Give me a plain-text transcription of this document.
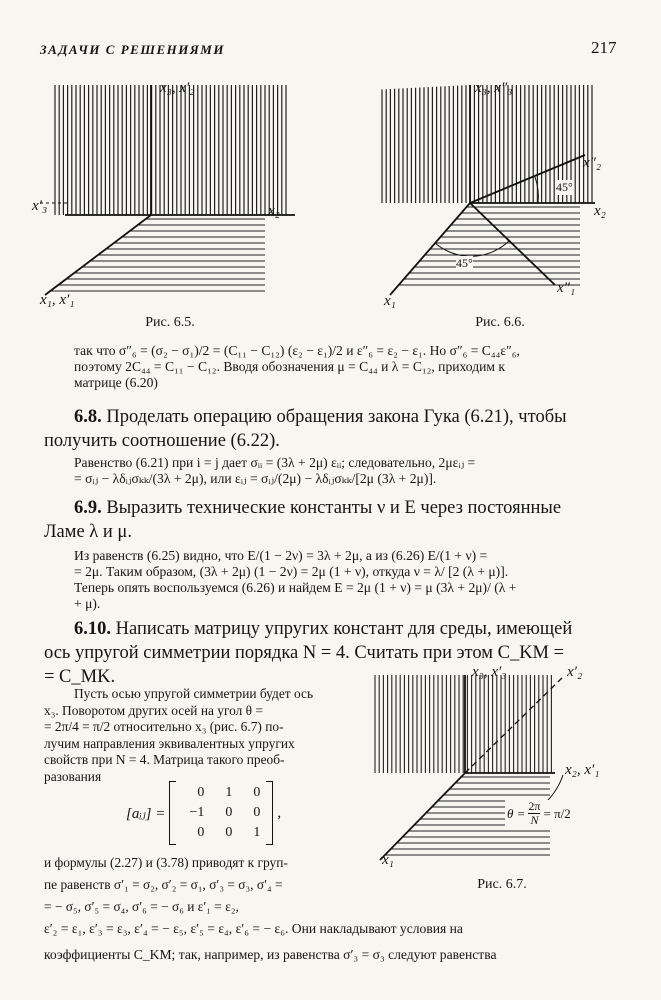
ЗАДАЧИ С РЕШЕНИЯМИ	217
x₃, x′₂
x′₃	x₂
x₁, x′₁
Рис. 6.5.
x₃, x″₃
x″₂
45°
x₂
45°
x″₁
x₁
Рис. 6.6.
так что σ″₆ = (σ₂ − σ₁)/2 = (C₁₁ − C₁₂) (ε₂ − ε₁)/2 и ε″₆ = ε₂ − ε₁. Но σ″₆ = C₄₄ε″₆,
поэтому 2C₄₄ = C₁₁ − C₁₂. Вводя обозначения μ = C₄₄ и λ = C₁₂, приходим к
матрице (6.20)
6.8. Проделать операцию обращения закона Гука (6.21), чтобы
получить соотношение (6.22).
Равенство (6.21) при i = j дает σᵢᵢ = (3λ + 2μ) εᵢᵢ; следовательно, 2μεᵢⱼ =
= σᵢⱼ − λδᵢⱼσₖₖ/(3λ + 2μ), или εᵢⱼ = σᵢⱼ/(2μ) − λδᵢⱼσₖₖ/[2μ (3λ + 2μ)].
6.9. Выразить технические константы ν и E через постоянные
Ламе λ и μ.
Из равенств (6.25) видно, что E/(1 − 2ν) = 3λ + 2μ, а из (6.26) E/(1 + ν) =
= 2μ. Таким образом, (3λ + 2μ) (1 − 2ν) = 2μ (1 + ν), откуда ν = λ/ [2 (λ + μ)].
Теперь опять воспользуемся (6.26) и найдем E = 2μ (1 + ν) = μ (3λ + 2μ)/ (λ +
+ μ).
6.10. Написать матрицу упругих констант для среды, имеющей
ось упругой симметрии порядка N = 4. Считать при этом C_KM =
= C_MK.
Пусть осью упругой симметрии будет ось
x₃. Поворотом других осей на угол θ =
= 2π/4 = π/2 относительно x₃ (рис. 6.7) по-
лучим направления эквивалентных упругих
свойств при N = 4. Матрица такого преоб-
разования
[aᵢⱼ] =
0	1	0
−1	0	0
0	0	1
,
и формулы (2.27) и (3.78) приводят к груп-
пе равенств σ′₁ = σ₂, σ′₂ = σ₁, σ′₃ = σ₃, σ′₄ =
= − σ₅, σ′₅ = σ₄, σ′₆ = − σ₆ и ε′₁ = ε₂,
x₃, x′₃	x′₂
x₂, x′₁
$\theta = \frac{2\pi}{N} = \pi/2$
x₁
Рис. 6.7.
ε′₂ = ε₁, ε′₃ = ε₃, ε′₄ = − ε₅, ε′₅ = ε₄, ε′₆ = − ε₆. Они накладывают условия на
коэффициенты C_KM; так, например, из равенства σ′₃ = σ₃ следуют равенства
